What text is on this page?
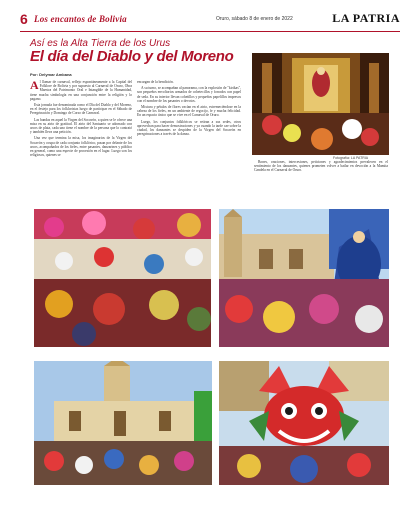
6 Los encantos de Bolivia	Oruro, sábado 8 de enero de 2022	LA PATRIA
Así es la Alta Tierra de los Urus
El día del Diablo y del Moreno
Por: Delymar Ambana

Al llamar de carnaval, reflejo espontáneamente a la Capital del Folklore de Bolivia y por supuesto al Carnaval de Oruro, Obra Maestra del Patrimonio Oral e Intangible de la Humanidad, tiene mucha simbología en una conjunción entre la religión y lo pagano.

Esta jornada fue denominada como el Día del Diablo y del Moreno, en el festejo para los folkloristas luego de participar en el Sábado de Peregrinación y Domingo de Corso de Carnaval.

Las bandas en aquel la Virgen del Socavón, a quien se le ofrece una misa en su atrio de gratitud. El atrio del Santuario se adornado con arcos de plata, cada uno tiene el nombre de la persona que lo contrató y también lleva una petición.

Una vez que termina la misa, los imaginarios de la Virgen del Socavón y ocupa de cada conjunto folklórico, pasan por delante de los arcos, acompañados de los fieles, entre pasantes, danzarines y público en general, como una especie de procesión en el lugar. Luego son los religiosos, quienes se

encargan de la bendición.

A su turno, se acompañan al panorama, con la explosión de "kirikas", son pequeños envoltorios armados de cohetecillos y forrados con papel de seda. En su interior llevan cohetillos y pequeños papelillos impresos con el nombre de los pasantes o devotos.

Mixtura y pétalos de flores vacían en el atrio, estremeciéndose en la cabeza de los fieles, en un ambiente de regocijo, fe y mucha felicidad. En un espacio único que se vive en el Carnaval de Oruro.

Luego, los conjuntos folklóricos se retiran a sus sedes, otros aprovechan para hacer demostraciones y ya cuando la tarde cae sobre la ciudad, los danzantes se despiden de la Virgen del Socavón en peregrinaciones a través de la danza.

Bones, oraciones, intercesiones, peticiones y agradecimientos prevalecen en el sentimiento de los danzantes, quienes prometen volver a bailar en devoción a la Mamita Candela en el Carnaval de Oruro.

Fotografía: LA PATRIA
